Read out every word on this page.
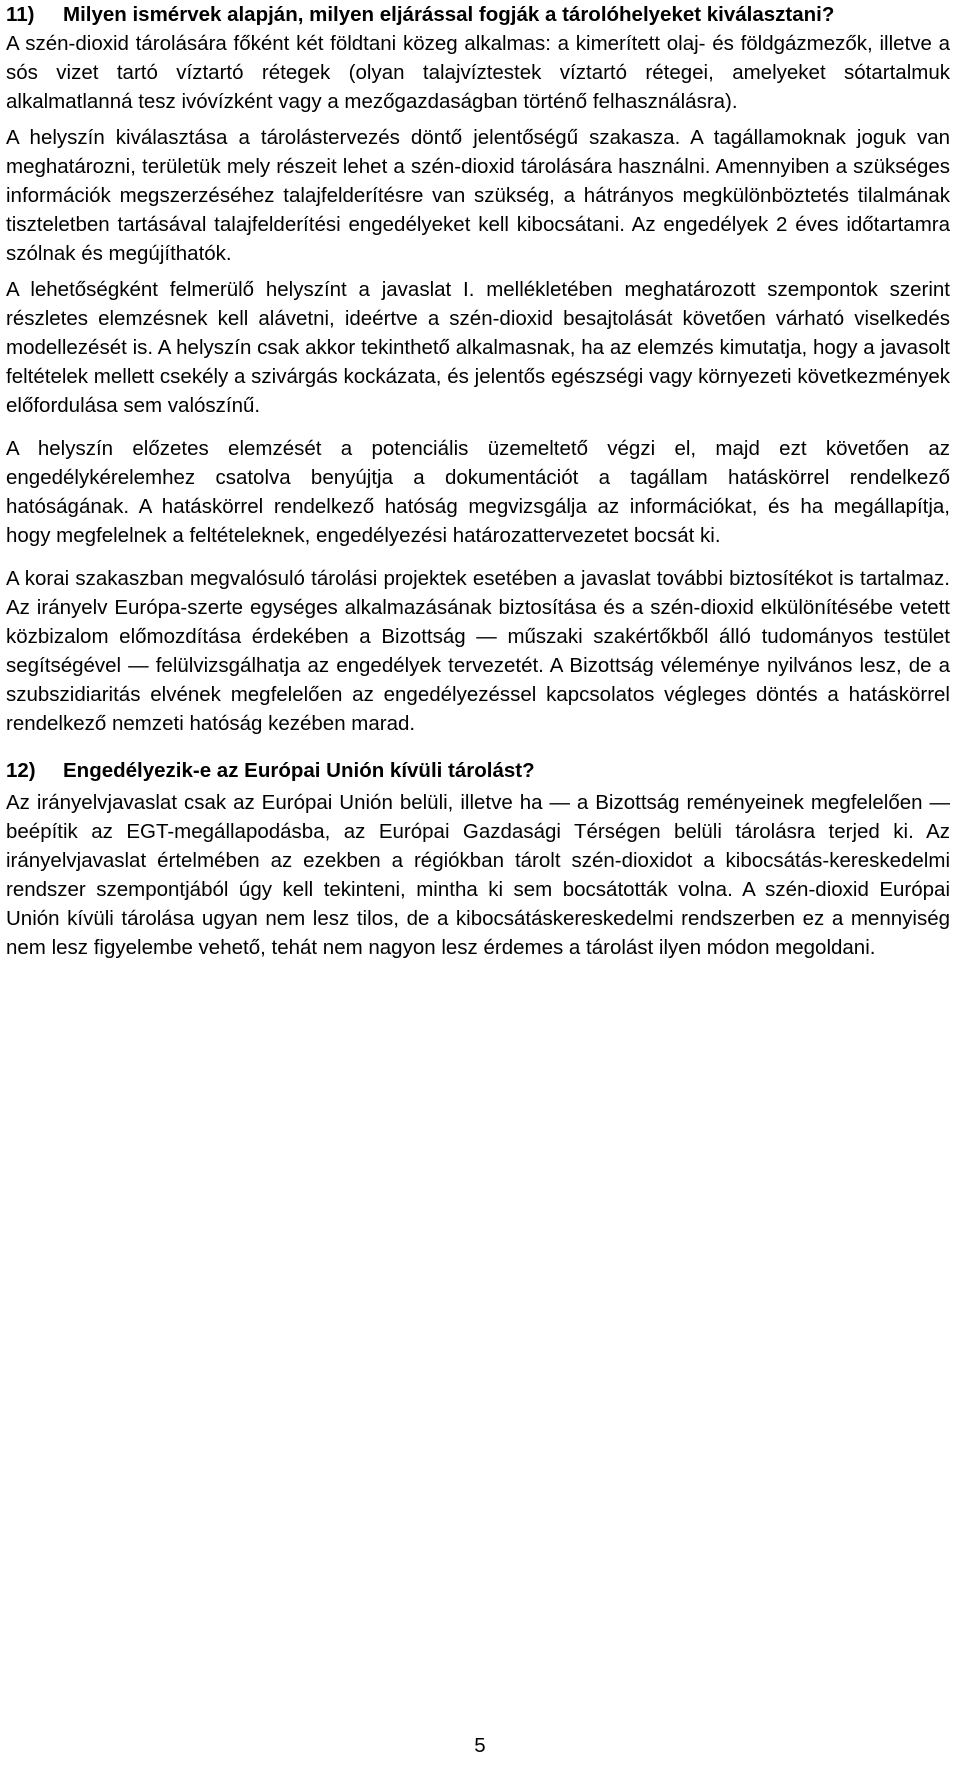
11) Milyen ismérvek alapján, milyen eljárással fogják a tárolóhelyeket kiválasztani?

A szén-dioxid tárolására főként két földtani közeg alkalmas: a kimerített olaj- és földgázmezők, illetve a sós vizet tartó víztartó rétegek (olyan talajvíztestek víztartó rétegei, amelyeket sótartalmuk alkalmatlanná tesz ivóvízként vagy a mezőgazdaságban történő felhasználásra).

A helyszín kiválasztása a tárolástervezés döntő jelentőségű szakasza. A tagállamoknak joguk van meghatározni, területük mely részeit lehet a szén-dioxid tárolására használni. Amennyiben a szükséges információk megszerzéséhez talajfelderítésre van szükség, a hátrányos megkülönböztetés tilalmának tiszteletben tartásával talajfelderítési engedélyeket kell kibocsátani. Az engedélyek 2 éves időtartamra szólnak és megújíthatók.

A lehetőségként felmerülő helyszínt a javaslat I. mellékletében meghatározott szempontok szerint részletes elemzésnek kell alávetni, ideértve a szén-dioxid besajtolását követően várható viselkedés modellezését is. A helyszín csak akkor tekinthető alkalmasnak, ha az elemzés kimutatja, hogy a javasolt feltételek mellett csekély a szivárgás kockázata, és jelentős egészségi vagy környezeti következmények előfordulása sem valószínű.

A helyszín előzetes elemzését a potenciális üzemeltető végzi el, majd ezt követően az engedélykérelemhez csatolva benyújtja a dokumentációt a tagállam hatáskörrel rendelkező hatóságának. A hatáskörrel rendelkező hatóság megvizsgálja az információkat, és ha megállapítja, hogy megfelelnek a feltételeknek, engedélyezési határozattervezetet bocsát ki.

A korai szakaszban megvalósuló tárolási projektek esetében a javaslat további biztosítékot is tartalmaz. Az irányelv Európa-szerte egységes alkalmazásának biztosítása és a szén-dioxid elkülönítésébe vetett közbizalom előmozdítása érdekében a Bizottság — műszaki szakértőkből álló tudományos testület segítségével — felülvizsgálhatja az engedélyek tervezetét. A Bizottság véleménye nyilvános lesz, de a szubszidiaritás elvének megfelelően az engedélyezéssel kapcsolatos végleges döntés a hatáskörrel rendelkező nemzeti hatóság kezében marad.

12) Engedélyezik-e az Európai Unión kívüli tárolást?

Az irányelvjavaslat csak az Európai Unión belüli, illetve ha — a Bizottság reményeinek megfelelően —beépítik az EGT-megállapodásba, az Európai Gazdasági Térségen belüli tárolásra terjed ki. Az irányelvjavaslat értelmében az ezekben a régiókban tárolt szén-dioxidot a kibocsátás-kereskedelmi rendszer szempontjából úgy kell tekinteni, mintha ki sem bocsátották volna. A szén-dioxid Európai Unión kívüli tárolása ugyan nem lesz tilos, de a kibocsátáskereskedelmi rendszerben ez a mennyiség nem lesz figyelembe vehető, tehát nem nagyon lesz érdemes a tárolást ilyen módon megoldani.

5
